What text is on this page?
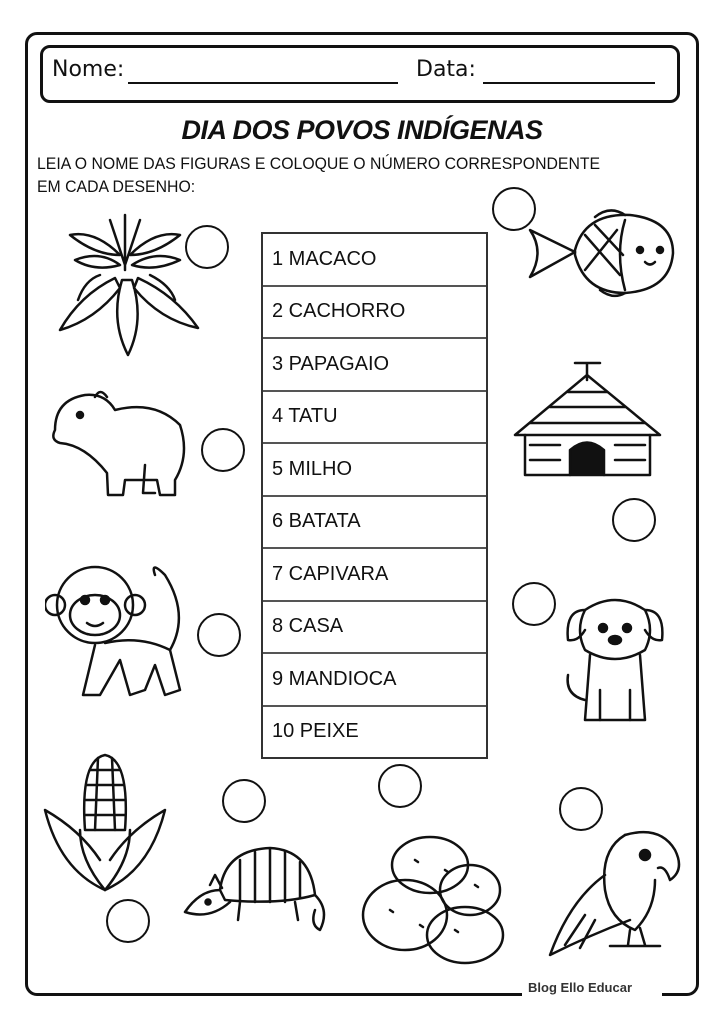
Blog Ello Educar
Nome:	Data:
DIA DOS POVOS INDÍGENAS
LEIA O NOME DAS FIGURAS E COLOQUE O NÚMERO CORRESPONDENTE
EM CADA DESENHO:
1 MACACO
2 CACHORRO
3 PAPAGAIO
4 TATU
5 MILHO
6 BATATA
7 CAPIVARA
8 CASA
9 MANDIOCA
10 PEIXE
